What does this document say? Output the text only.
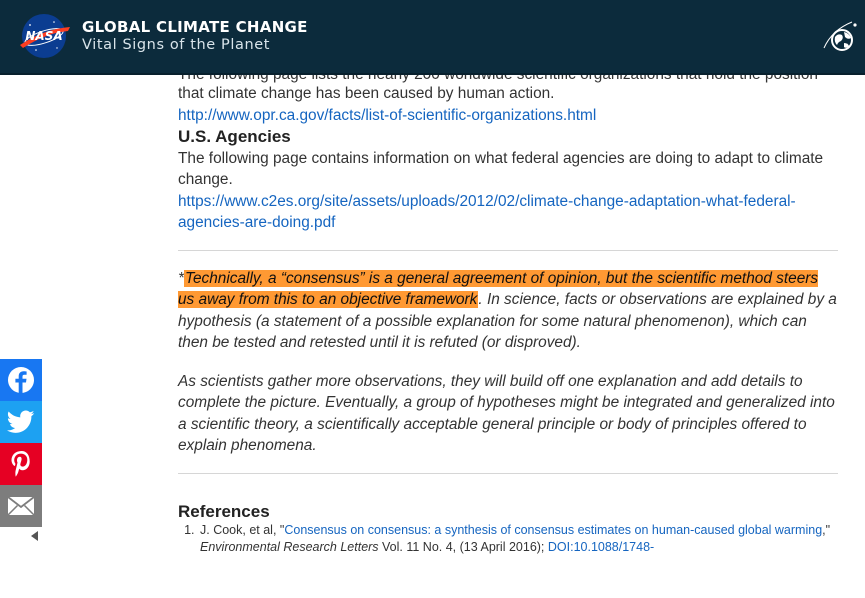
that climate change has been caused by human action.
http://www.opr.ca.gov/facts/list-of-scientific-organizations.html
U.S. Agencies
The following page contains information on what federal agencies are doing to adapt to climate change.
https://www.c2es.org/site/assets/uploads/2012/02/climate-change-adaptation-what-federal-agencies-are-doing.pdf

*Technically, a “consensus” is a general agreement of opinion, but the scientific method steers us away from this to an objective framework. In science, facts or observations are explained by a hypothesis (a statement of a possible explanation for some natural phenomenon), which can then be tested and retested until it is refuted (or disproved).

As scientists gather more observations, they will build off one explanation and add details to complete the picture. Eventually, a group of hypotheses might be integrated and generalized into a scientific theory, a scientifically acceptable general principle or body of principles offered to explain phenomena.

References
1. J. Cook, et al, "Consensus on consensus: a synthesis of consensus estimates on human-caused global warming," Environmental Research Letters Vol. 11 No. 4, (13 April 2016); DOI:10.1088/1748-
NASA GLOBAL CLIMATE CHANGE
Vital Signs of the Planet
